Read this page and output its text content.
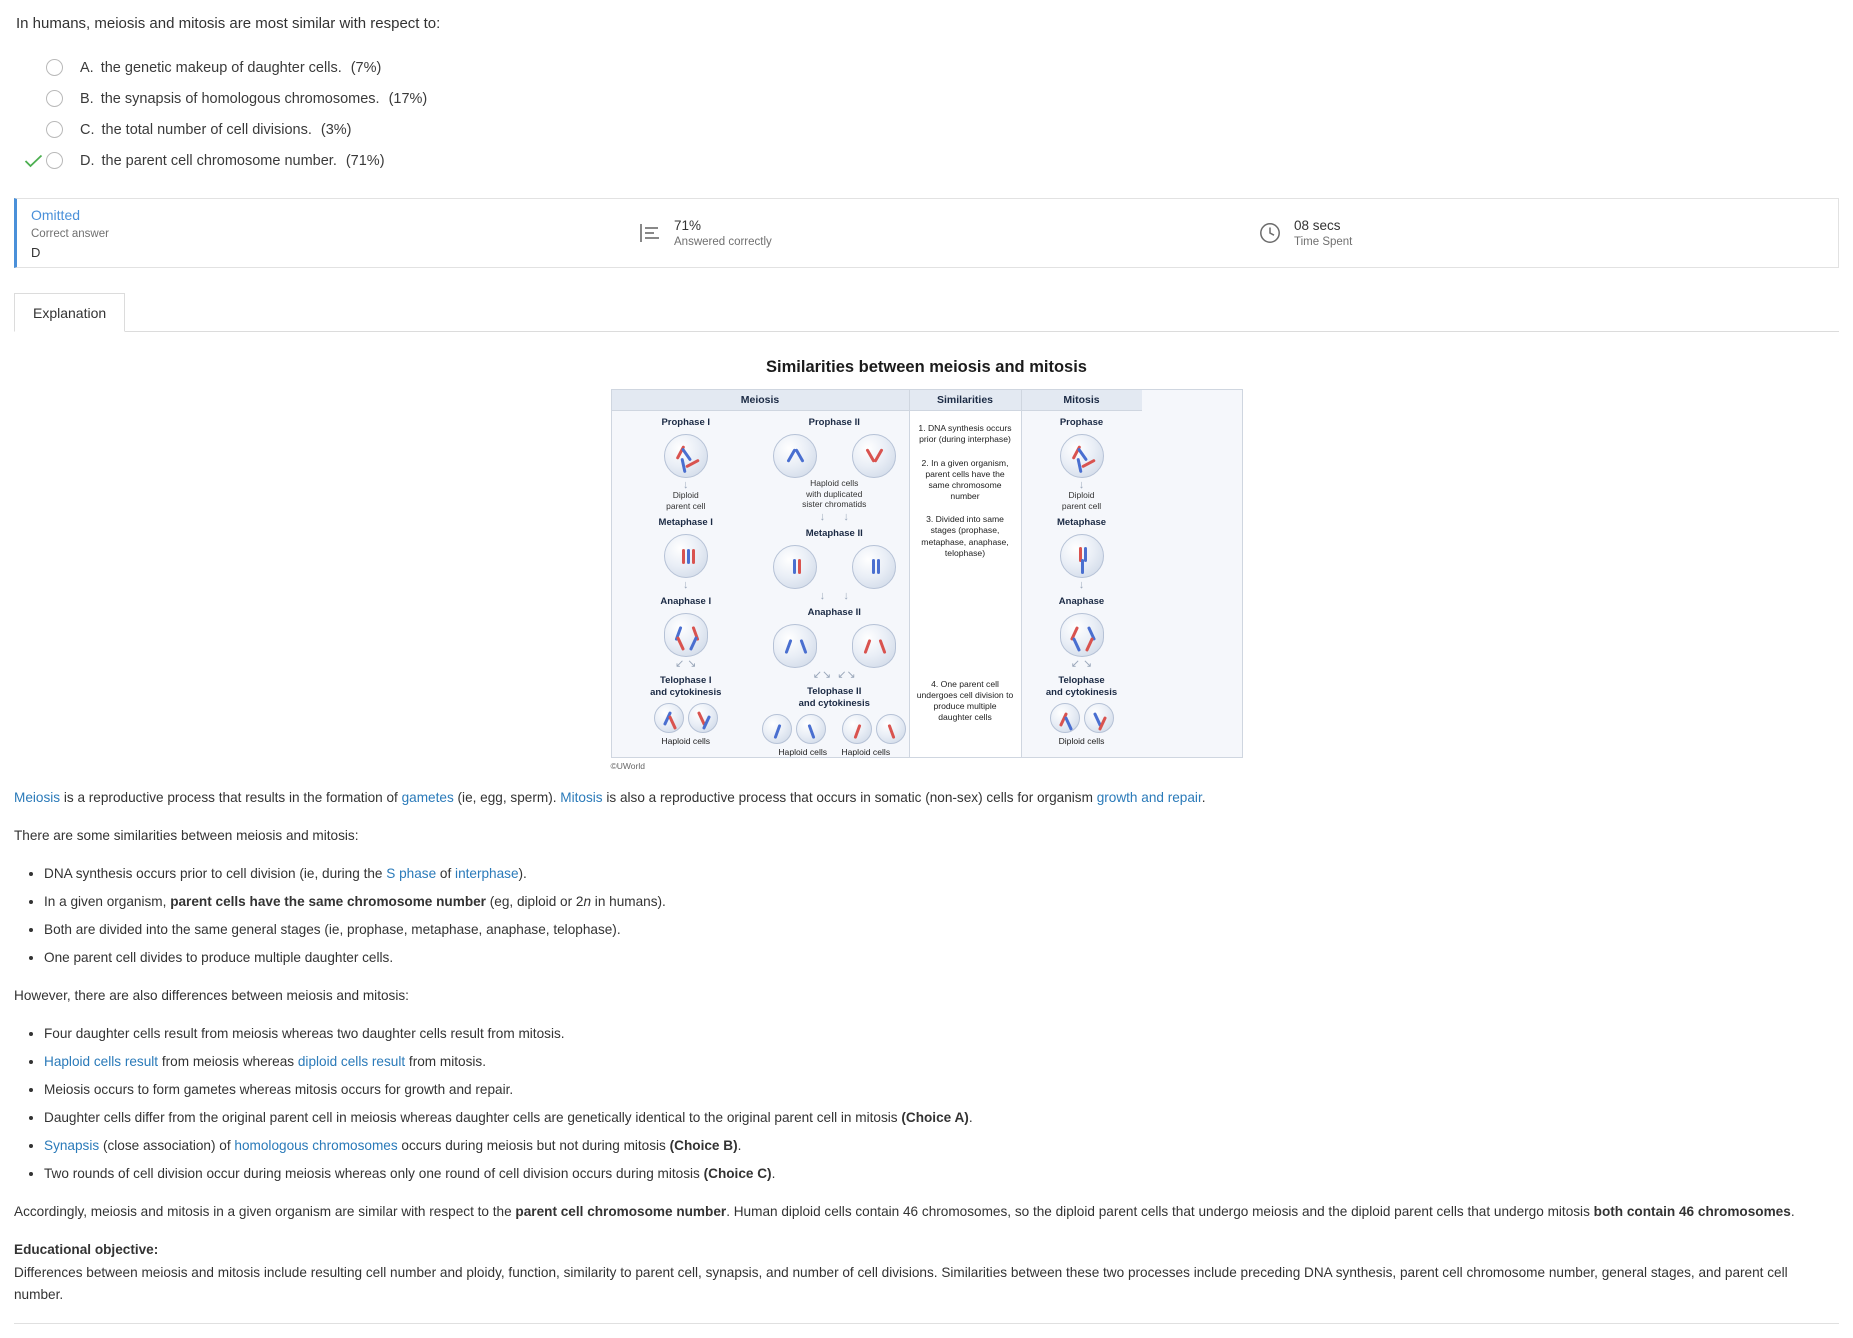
In humans, meiosis and mitosis are most similar with respect to:
A. the genetic makeup of daughter cells. (7%)
B. the synapsis of homologous chromosomes. (17%)
C. the total number of cell divisions. (3%)
D. the parent cell chromosome number. (71%)
Omitted
Correct answer
D
71%
Answered correctly
08 secs
Time Spent
Explanation
Similarities between meiosis and mitosis
Meiosis
Prophase I
↓
Diploid
parent cell
Metaphase I
↓
Anaphase I
↙ ↘
Telophase I
and cytokinesis
Haploid cells
Prophase II
Haploid cells
with duplicated
sister chromatids
↓      ↓
Metaphase II
↓      ↓
Anaphase II
↙↘  ↙↘
Telophase II
and cytokinesis
Haploid cells Haploid cells
Similarities
1. DNA synthesis occurs prior (during interphase)
2. In a given organism, parent cells have the same chromosome number
3. Divided into same stages (prophase, metaphase, anaphase, telophase)
4. One parent cell undergoes cell division to produce multiple daughter cells
Mitosis
Prophase
↓
Diploid
parent cell
Metaphase
↓
Anaphase
↙ ↘
Telophase
and cytokinesis
Diploid cells
©UWorld

Meiosis is a reproductive process that results in the formation of gametes (ie, egg, sperm). Mitosis is also a reproductive process that occurs in somatic (non-sex) cells for organism growth and repair.

There are some similarities between meiosis and mitosis:

• DNA synthesis occurs prior to cell division (ie, during the S phase of interphase).
• In a given organism, parent cells have the same chromosome number (eg, diploid or 2n in humans).
• Both are divided into the same general stages (ie, prophase, metaphase, anaphase, telophase).
• One parent cell divides to produce multiple daughter cells.

However, there are also differences between meiosis and mitosis:

• Four daughter cells result from meiosis whereas two daughter cells result from mitosis.
• Haploid cells result from meiosis whereas diploid cells result from mitosis.
• Meiosis occurs to form gametes whereas mitosis occurs for growth and repair.
• Daughter cells differ from the original parent cell in meiosis whereas daughter cells are genetically identical to the original parent cell in mitosis (Choice A).
• Synapsis (close association) of homologous chromosomes occurs during meiosis but not during mitosis (Choice B).
• Two rounds of cell division occur during meiosis whereas only one round of cell division occurs during mitosis (Choice C).

Accordingly, meiosis and mitosis in a given organism are similar with respect to the parent cell chromosome number. Human diploid cells contain 46 chromosomes, so the diploid parent cells that undergo meiosis and the diploid parent cells that undergo mitosis both contain 46 chromosomes.

Educational objective:
Differences between meiosis and mitosis include resulting cell number and ploidy, function, similarity to parent cell, synapsis, and number of cell divisions. Similarities between these two processes include preceding DNA synthesis, parent cell chromosome number, general stages, and parent cell number.
